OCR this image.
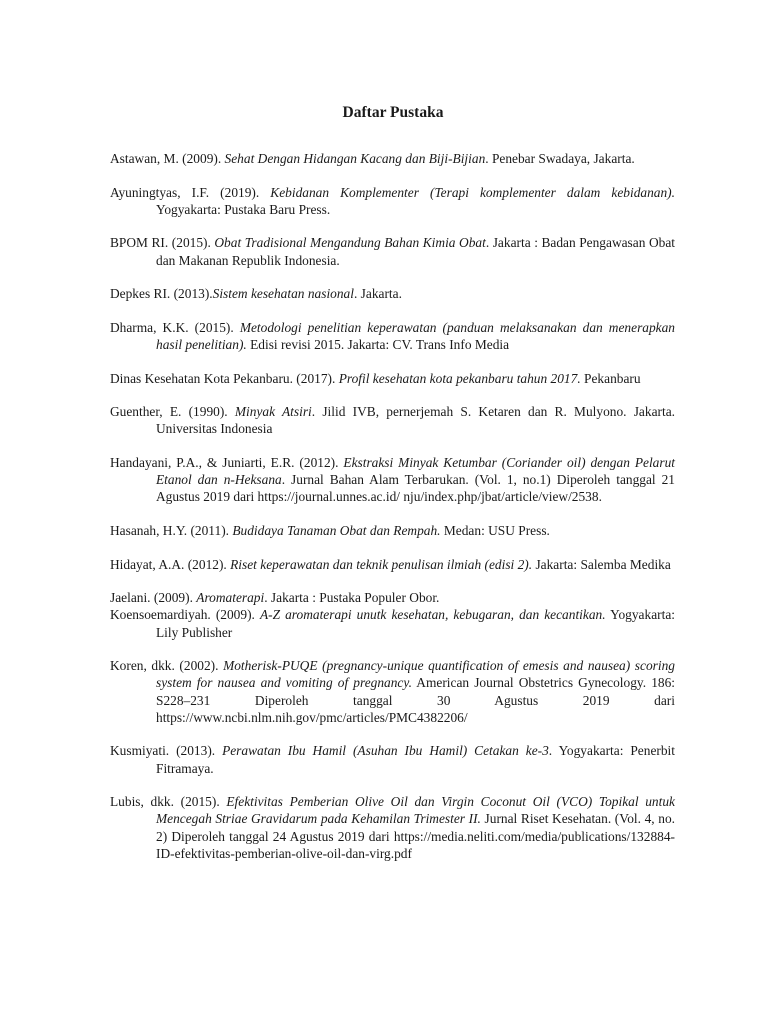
Daftar Pustaka
Astawan, M. (2009). Sehat Dengan Hidangan Kacang dan Biji-Bijian. Penebar Swadaya, Jakarta.
Ayuningtyas, I.F. (2019). Kebidanan Komplementer (Terapi komplementer dalam kebidanan). Yogyakarta: Pustaka Baru Press.
BPOM RI. (2015). Obat Tradisional Mengandung Bahan Kimia Obat. Jakarta : Badan Pengawasan Obat dan Makanan Republik Indonesia.
Depkes RI. (2013).Sistem kesehatan nasional. Jakarta.
Dharma, K.K. (2015). Metodologi penelitian keperawatan (panduan melaksanakan dan menerapkan hasil penelitian). Edisi revisi 2015. Jakarta: CV. Trans Info Media
Dinas Kesehatan Kota Pekanbaru. (2017). Profil kesehatan kota pekanbaru tahun 2017. Pekanbaru
Guenther, E. (1990). Minyak Atsiri. Jilid IVB, pernerjemah S. Ketaren dan R. Mulyono. Jakarta. Universitas Indonesia
Handayani, P.A., & Juniarti, E.R. (2012). Ekstraksi Minyak Ketumbar (Coriander oil) dengan Pelarut Etanol dan n-Heksana. Jurnal Bahan Alam Terbarukan. (Vol. 1, no.1) Diperoleh tanggal 21 Agustus 2019 dari https://journal.unnes.ac.id/ nju/index.php/jbat/article/view/2538.
Hasanah, H.Y. (2011). Budidaya Tanaman Obat dan Rempah. Medan: USU Press.
Hidayat, A.A. (2012). Riset keperawatan dan teknik penulisan ilmiah (edisi 2). Jakarta: Salemba Medika
Jaelani. (2009). Aromaterapi. Jakarta : Pustaka Populer Obor.
Koensoemardiyah. (2009). A-Z aromaterapi unutk kesehatan, kebugaran, dan kecantikan. Yogyakarta: Lily Publisher
Koren, dkk. (2002). Motherisk-PUQE (pregnancy-unique quantification of emesis and nausea) scoring system for nausea and vomiting of pregnancy. American Journal Obstetrics Gynecology. 186: S228–231 Diperoleh tanggal 30 Agustus 2019 dari https://www.ncbi.nlm.nih.gov/pmc/articles/PMC4382206/
Kusmiyati. (2013). Perawatan Ibu Hamil (Asuhan Ibu Hamil) Cetakan ke-3. Yogyakarta: Penerbit Fitramaya.
Lubis, dkk. (2015). Efektivitas Pemberian Olive Oil dan Virgin Coconut Oil (VCO) Topikal untuk Mencegah Striae Gravidarum pada Kehamilan Trimester II. Jurnal Riset Kesehatan. (Vol. 4, no. 2) Diperoleh tanggal 24 Agustus 2019 dari https://media.neliti.com/media/publications/132884-ID-efektivitas-pemberian-olive-oil-dan-virg.pdf
